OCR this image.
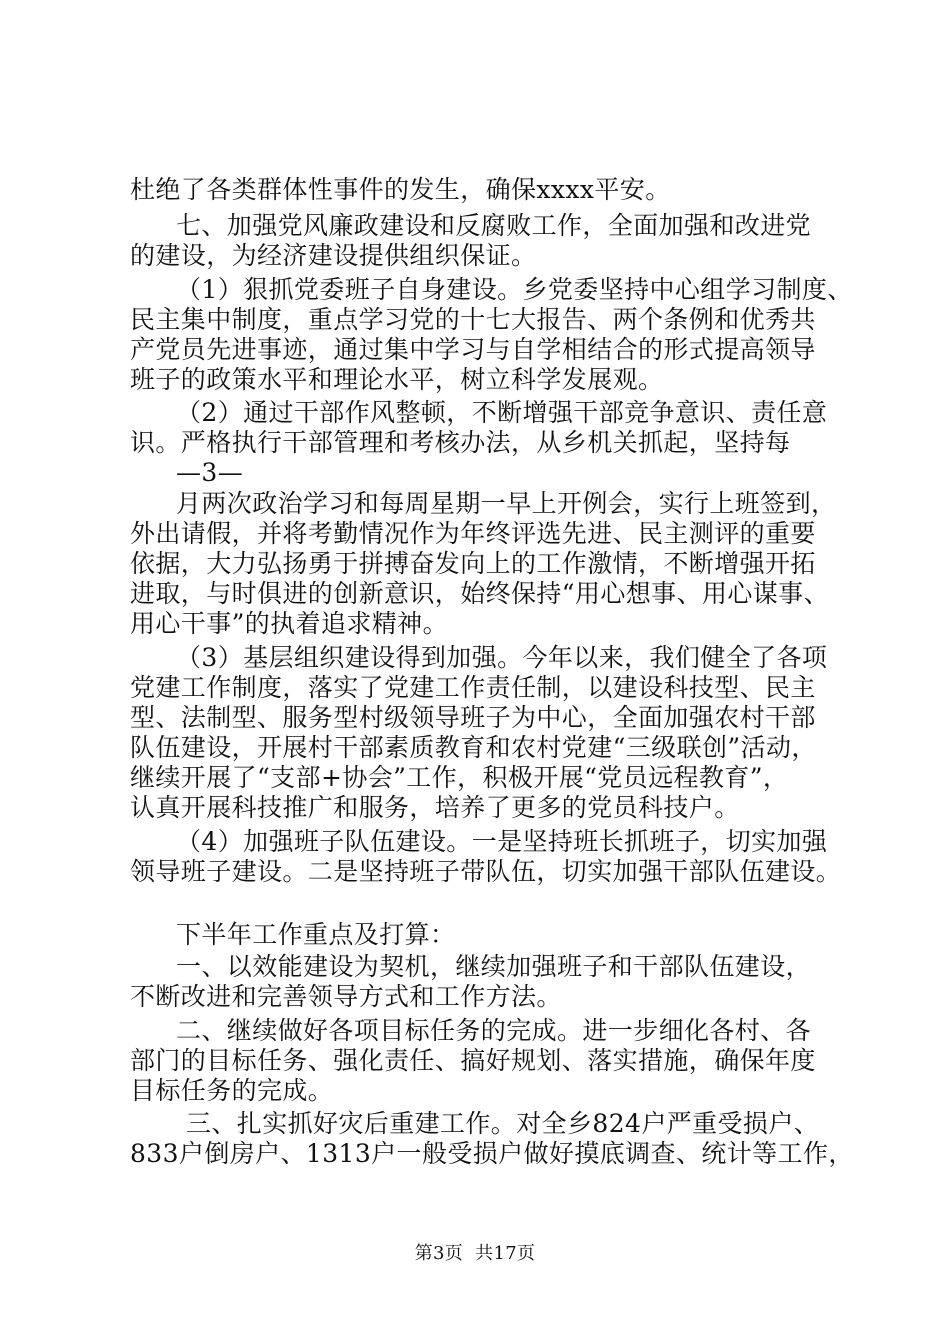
杜绝了各类群体性事件的发生，确保xxxx平安。
七、加强党风廉政建设和反腐败工作，全面加强和改进党
的建设，为经济建设提供组织保证。
（1）狠抓党委班子自身建设。乡党委坚持中心组学习制度、
民主集中制度，重点学习党的十七大报告、两个条例和优秀共
产党员先进事迹，通过集中学习与自学相结合的形式提高领导
班子的政策水平和理论水平，树立科学发展观。
（2）通过干部作风整顿，不断增强干部竞争意识、责任意
识。严格执行干部管理和考核办法，从乡机关抓起，坚持每
—3—
月两次政治学习和每周星期一早上开例会，实行上班签到，
外出请假，并将考勤情况作为年终评选先进、民主测评的重要
依据，大力弘扬勇于拼搏奋发向上的工作激情，不断增强开拓
进取，与时俱进的创新意识，始终保持“用心想事、用心谋事、
用心干事”的执着追求精神。
（3）基层组织建设得到加强。今年以来，我们健全了各项
党建工作制度，落实了党建工作责任制，以建设科技型、民主
型、法制型、服务型村级领导班子为中心，全面加强农村干部
队伍建设，开展村干部素质教育和农村党建“三级联创”活动，
继续开展了“支部+协会”工作，积极开展“党员远程教育”，
认真开展科技推广和服务，培养了更多的党员科技户。
（4）加强班子队伍建设。一是坚持班长抓班子，切实加强
领导班子建设。二是坚持班子带队伍，切实加强干部队伍建设。
下半年工作重点及打算：
一、以效能建设为契机，继续加强班子和干部队伍建设，
不断改进和完善领导方式和工作方法。
二、继续做好各项目标任务的完成。进一步细化各村、各
部门的目标任务、强化责任、搞好规划、落实措施，确保年度
目标任务的完成。
三、扎实抓好灾后重建工作。对全乡824户严重受损户、
833户倒房户、1313户一般受损户做好摸底调查、统计等工作，
第3页 共17页
